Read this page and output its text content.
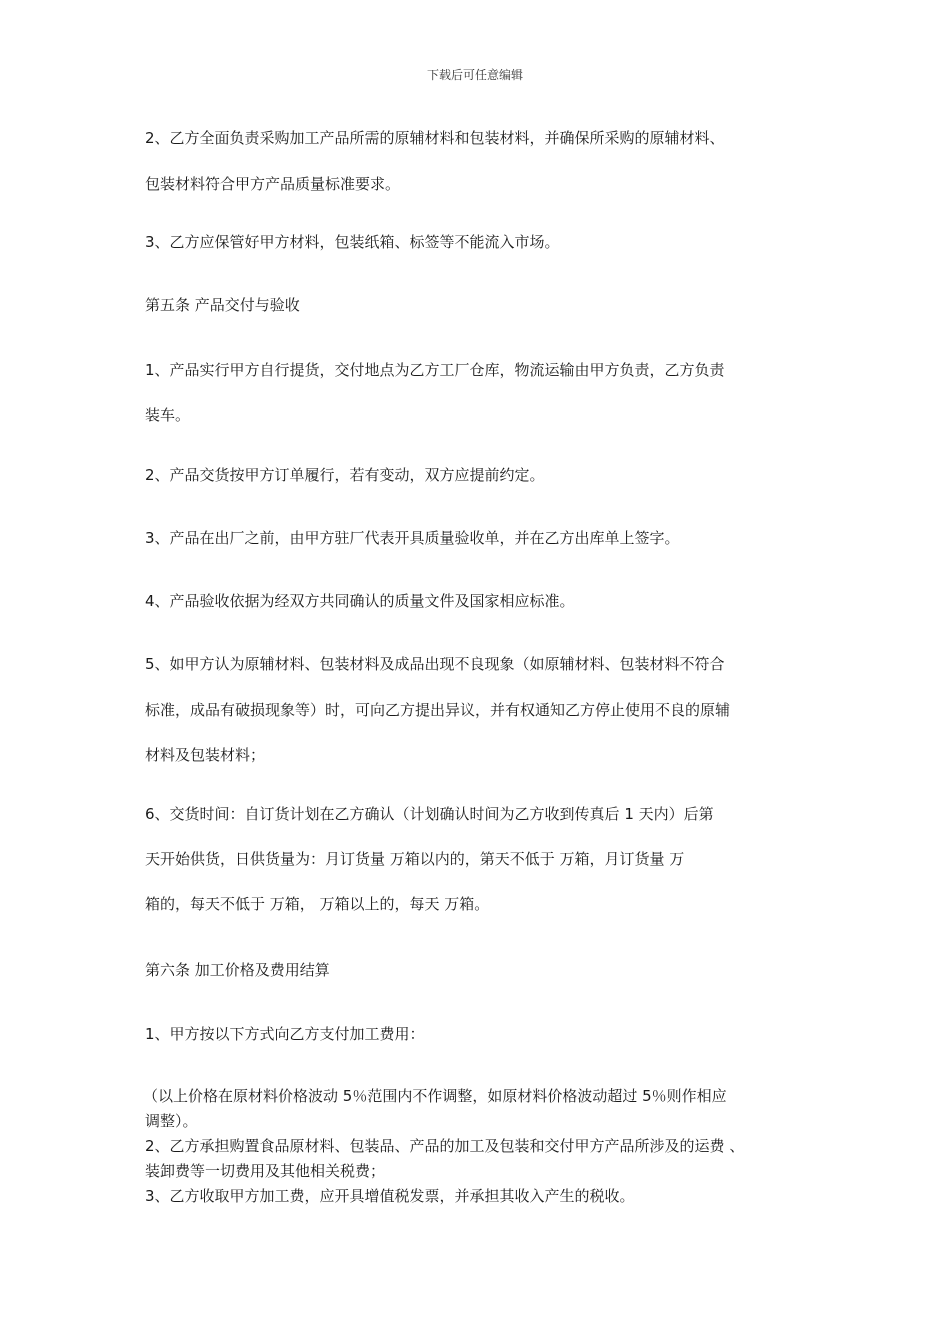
下载后可任意编辑
2、乙方全面负责采购加工产品所需的原辅材料和包装材料，并确保所采购的原辅材料、
包装材料符合甲方产品质量标准要求。
3、乙方应保管好甲方材料，包装纸箱、标签等不能流入市场。
第五条 产品交付与验收
1、产品实行甲方自行提货，交付地点为乙方工厂仓库，物流运输由甲方负责，乙方负责
装车。
2、产品交货按甲方订单履行，若有变动，双方应提前约定。
3、产品在出厂之前，由甲方驻厂代表开具质量验收单，并在乙方出库单上签字。
4、产品验收依据为经双方共同确认的质量文件及国家相应标准。
5、如甲方认为原辅材料、包装材料及成品出现不良现象（如原辅材料、包装材料不符合
标准，成品有破损现象等）时，可向乙方提出异议，并有权通知乙方停止使用不良的原辅
材料及包装材料；
6、交货时间：自订货计划在乙方确认（计划确认时间为乙方收到传真后 1 天内）后第
天开始供货，日供货量为：月订货量 万箱以内的，第天不低于 万箱，月订货量 万
箱的，每天不低于 万箱， 万箱以上的，每天 万箱。
第六条 加工价格及费用结算
1、甲方按以下方式向乙方支付加工费用：
（以上价格在原材料价格波动 5％范围内不作调整，如原材料价格波动超过 5％则作相应
调整）。
2、乙方承担购置食品原材料、包装品、产品的加工及包装和交付甲方产品所涉及的运费 、
装卸费等一切费用及其他相关税费；
3、乙方收取甲方加工费，应开具增值税发票，并承担其收入产生的税收。
